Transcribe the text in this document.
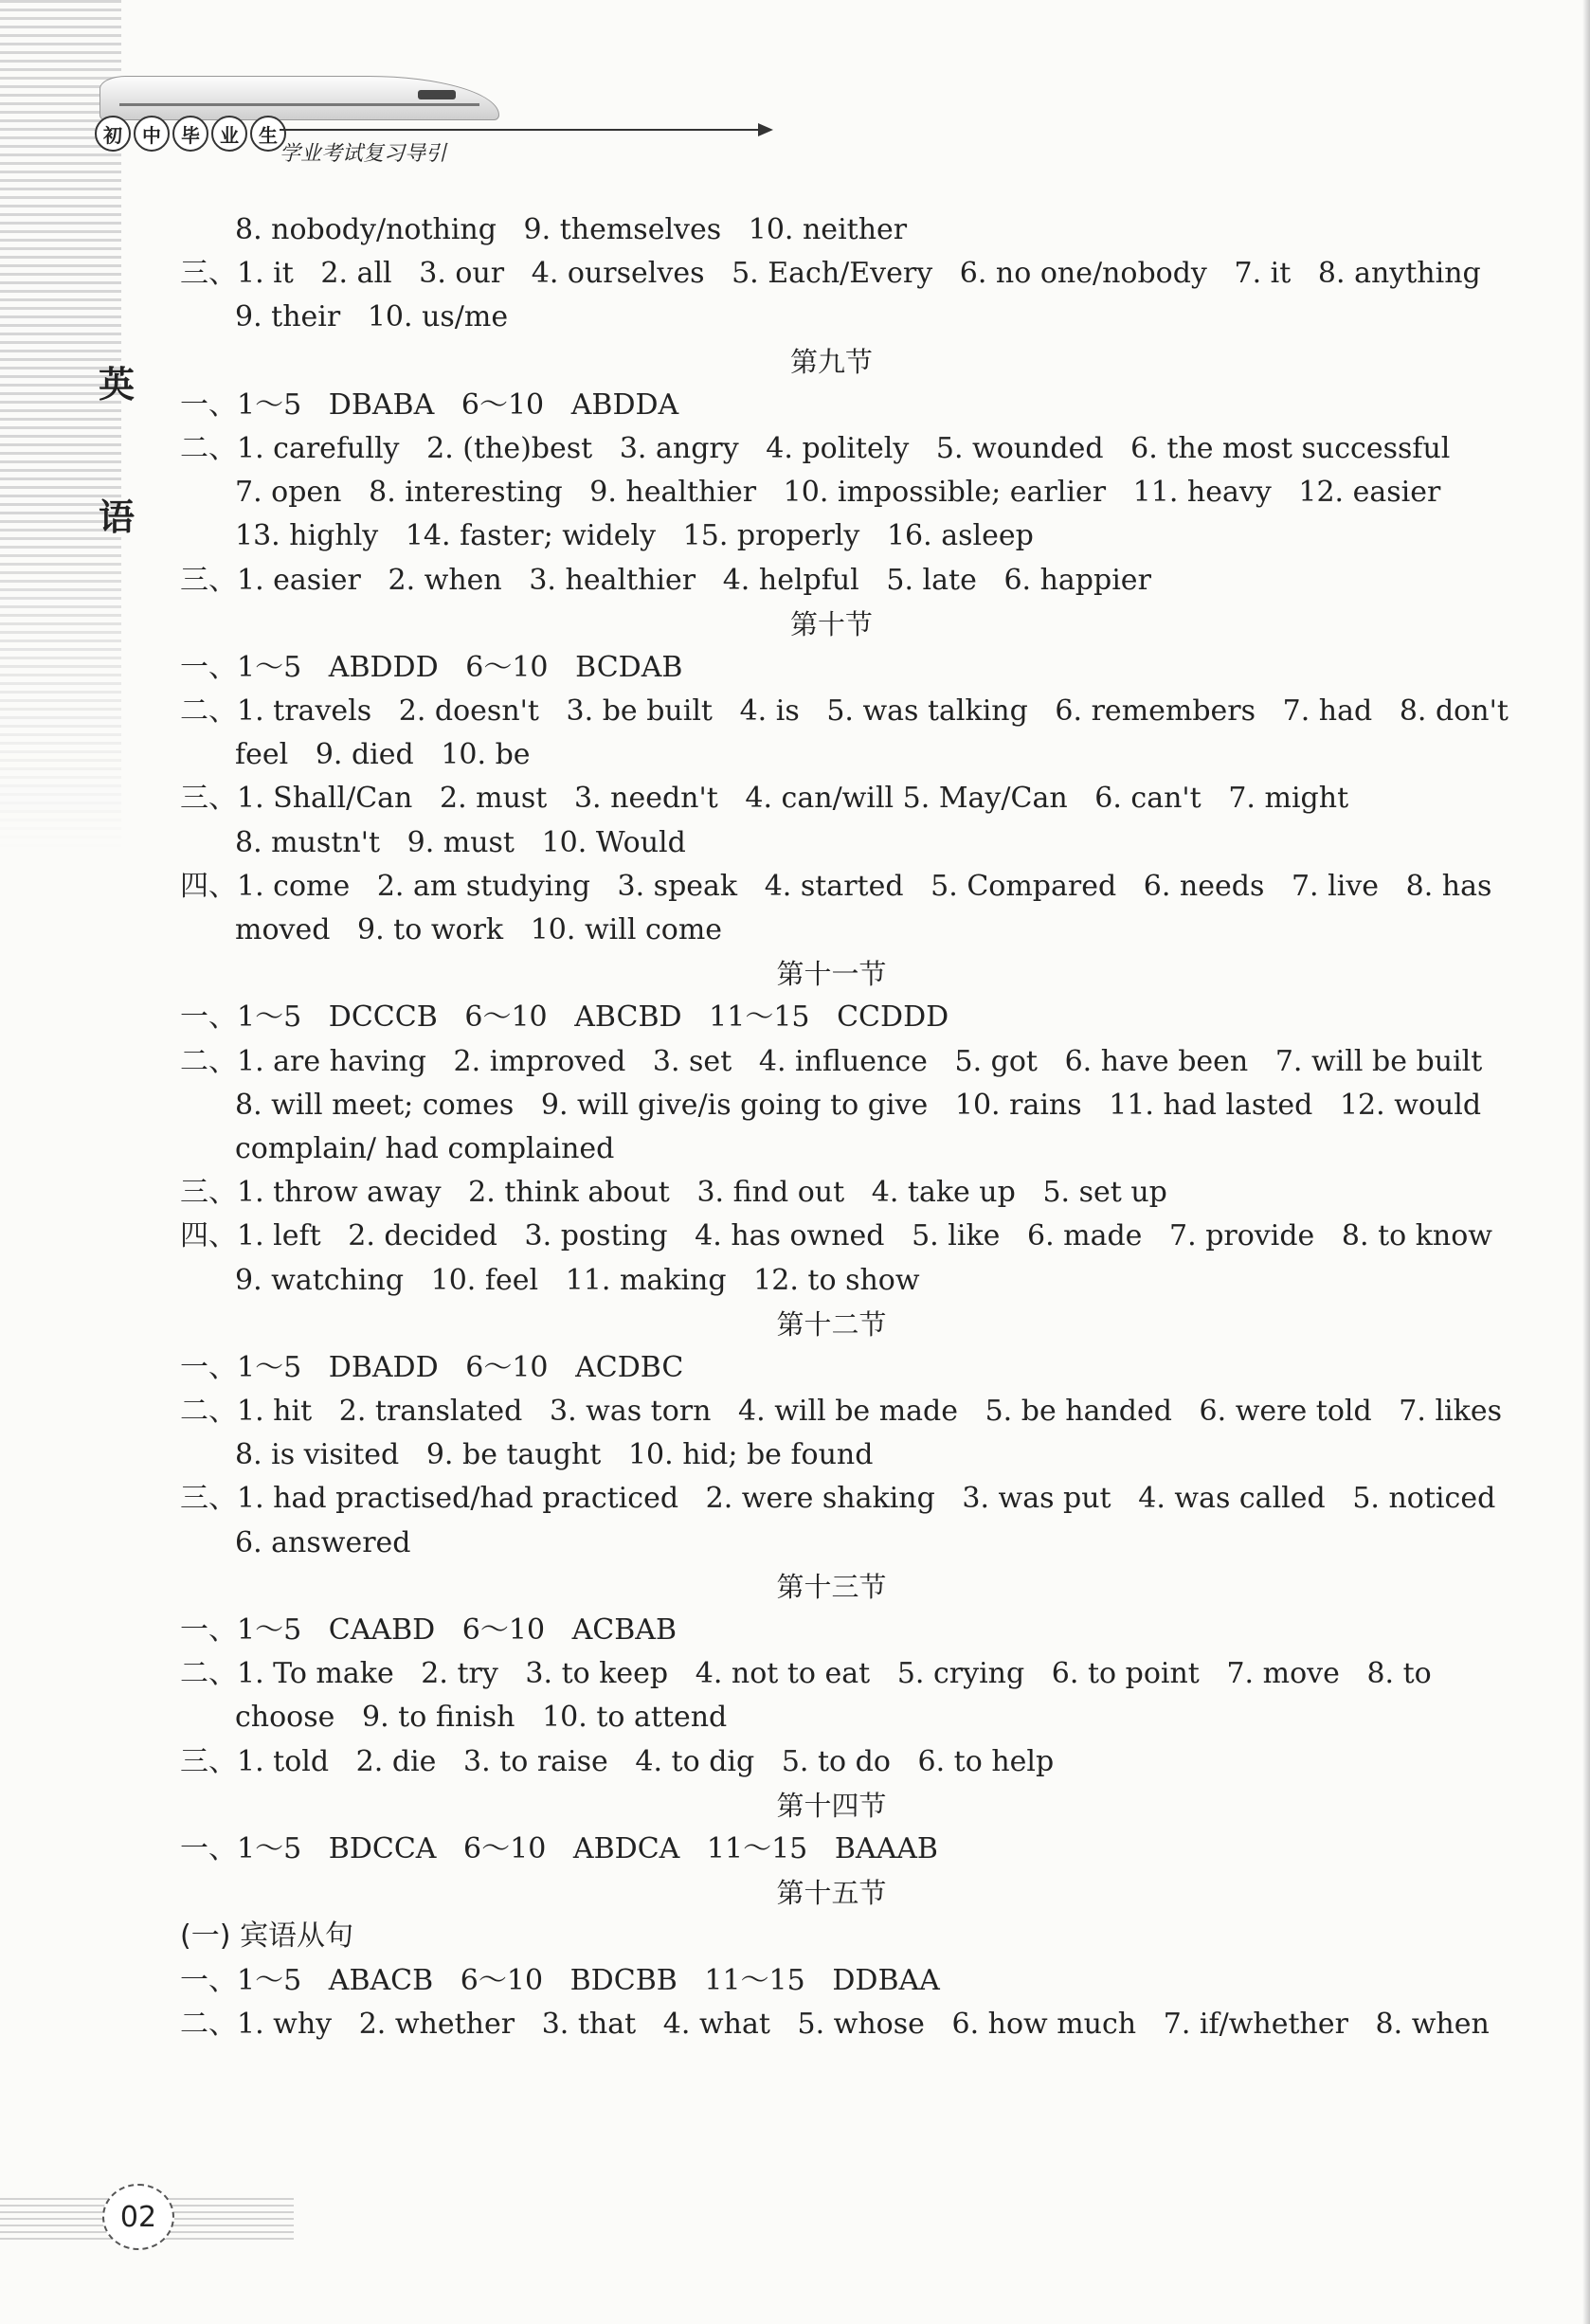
初	中	毕	业	生
学业考试复习导引
英
语
8. nobody/nothing   9. themselves   10. neither
三、1. it   2. all   3. our   4. ourselves   5. Each/Every   6. no one/nobody   7. it   8. anything
9. their   10. us/me
第九节
一、1～5   DBABA   6～10   ABDDA
二、1. carefully   2. (the)best   3. angry   4. politely   5. wounded   6. the most successful
7. open   8. interesting   9. healthier   10. impossible; earlier   11. heavy   12. easier
13. highly   14. faster; widely   15. properly   16. asleep
三、1. easier   2. when   3. healthier   4. helpful   5. late   6. happier
第十节
一、1～5   ABDDD   6～10   BCDAB
二、1. travels   2. doesn't   3. be built   4. is   5. was talking   6. remembers   7. had   8. don't
feel   9. died   10. be
三、1. Shall/Can   2. must   3. needn't   4. can/will 5. May/Can   6. can't   7. might
8. mustn't   9. must   10. Would
四、1. come   2. am studying   3. speak   4. started   5. Compared   6. needs   7. live   8. has
moved   9. to work   10. will come
第十一节
一、1～5   DCCCB   6～10   ABCBD   11～15   CCDDD
二、1. are having   2. improved   3. set   4. influence   5. got   6. have been   7. will be built
8. will meet; comes   9. will give/is going to give   10. rains   11. had lasted   12. would
complain/ had complained
三、1. throw away   2. think about   3. find out   4. take up   5. set up
四、1. left   2. decided   3. posting   4. has owned   5. like   6. made   7. provide   8. to know
9. watching   10. feel   11. making   12. to show
第十二节
一、1～5   DBADD   6～10   ACDBC
二、1. hit   2. translated   3. was torn   4. will be made   5. be handed   6. were told   7. likes
8. is visited   9. be taught   10. hid; be found
三、1. had practised/had practiced   2. were shaking   3. was put   4. was called   5. noticed
6. answered
第十三节
一、1～5   CAABD   6～10   ACBAB
二、1. To make   2. try   3. to keep   4. not to eat   5. crying   6. to point   7. move   8. to
choose   9. to finish   10. to attend
三、1. told   2. die   3. to raise   4. to dig   5. to do   6. to help
第十四节
一、1～5   BDCCA   6～10   ABDCA   11～15   BAAAB
第十五节
(一) 宾语从句
一、1～5   ABACB   6～10   BDCBB   11～15   DDBAA
二、1. why   2. whether   3. that   4. what   5. whose   6. how much   7. if/whether   8. when
02
